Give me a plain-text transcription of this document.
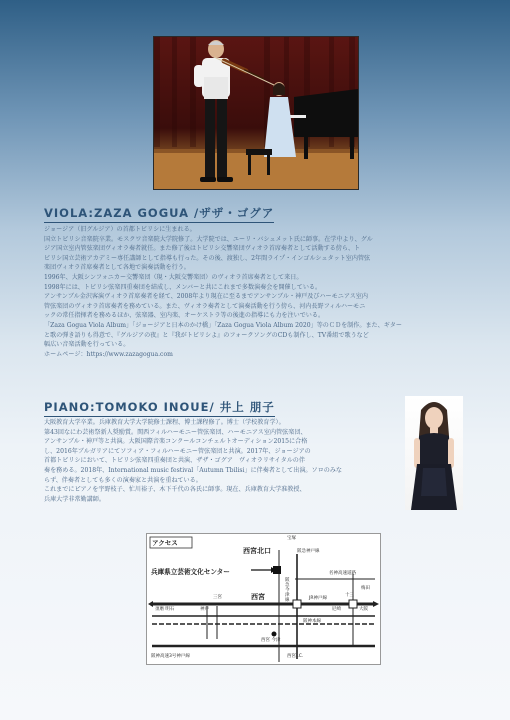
VIOLA:ZAZA GOGUA /ザザ・ゴグア

ジョージア（旧グルジア）の首都トビリシに生まれる。

国立トビリシ音楽院卒業。モスクワ音楽院大学院修了。大学院では、ユーリ・バシュメット氏に師事。在学中より、グル

ジア国立室内管弦楽団ヴィオラ奏者就任。また修了後はトビリシ交響楽団ヴィオラ首席奏者として活動する傍ら、ト

ビリシ国立芸術アカデミー専任講師として指導も行った。その後、渡独し、2年間ライプ・インゴルシュタット室内管弦

楽団ヴィオラ首席奏者として各地で演奏活動を行う。

1996年、大阪シンフォニカー交響楽団（現・大阪交響楽団）のヴィオラ首席奏者として来日。

1998年には、トビリシ弦楽四重奏団を結成し、メンバーと共にこれまで多数演奏会を開催している。

アンサンブル金沢客演ヴィオラ首席奏者を経て、2008年より現在に至るまでアンサンブル・神戸及びハーモニアス室内

管弦楽団のヴィオラ首席奏者を務めている。また、ヴィオラ奏者として演奏活動を行う傍ら、河内長野フィルハーモニ

ックの常任指揮者を務めるほか、弦楽器、室内楽、オーケストラ等の後進の指導にも力を注いでいる。

「Zaza Gogua Viola Album」「ジョージアと日本のかけ橋」「Zaza Gogua Viola Album 2020」等のＣＤを制作。また、ギター

と歌の弾き語りも得意で、『グルジアの夜』と『我がトビリシよ』のフォークソングのCDも制作し、TV番組で歌うなど

幅広い音楽活動を行っている。

ホームページ：https://www.zazagogua.com

PIANO:TOMOKO INOUE/ 井上 朋子

大阪教育大学卒業。兵庫教育大学大学院修士課程、博士課程修了。博士（学校教育学）。

第43回なにわ芸術祭新人奨励賞。関西フィルハーモニー管弦楽団、ハーモニアス室内管弦楽団、

アンサンブル・神戸等と共演。大阪国際音楽コンクールコンチェルトオーディション2015に合格

し、2016年ブルガリアにてソフィア・フィルハーモニー管弦楽団と共演。2017年、ジョージアの

首都トビリシにおいて、トビリシ弦楽四重奏団と共演、ザザ・ゴグア　ヴィオラリサイタルの伴

奏を務める。2018年、International music festival「Autumn Tbilisi」に伴奏者として出演。ソロのみな

らず、伴奏者としても多くの演奏家と共演を重ねている。

これまでにピアノを宇野枝子、忙川裕子、木下千代の各氏に師事。現在、兵庫教育大学准教授、

兵庫大学非常勤講師。

アクセス
宝塚
西宮北口	阪急神戸線
兵庫県立芸術文化センター	名神高速道路
阪急今津線
西宮
梅田
十三
三宮
神戸
須磨 明石
JR神戸線
尼崎	大阪
阪神本線
西宮 今津
阪神高速3号神戸線	西宮I.C.
